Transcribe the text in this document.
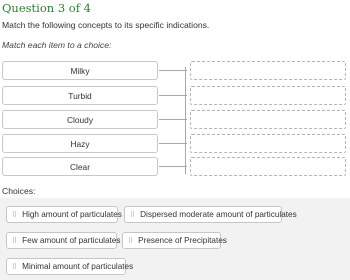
Question 3 of 4
Match the following concepts to its specific indications.
Match each item to a choice:
Milky
Turbid
Cloudy
Hazy
Clear
Choices:
⠿ High amount of particulates ⠿ Dispersed moderate amount of particulates
⠿ Few amount of particulates ⠿ Presence of Precipitates
⠿ Minimal amount of particulates
